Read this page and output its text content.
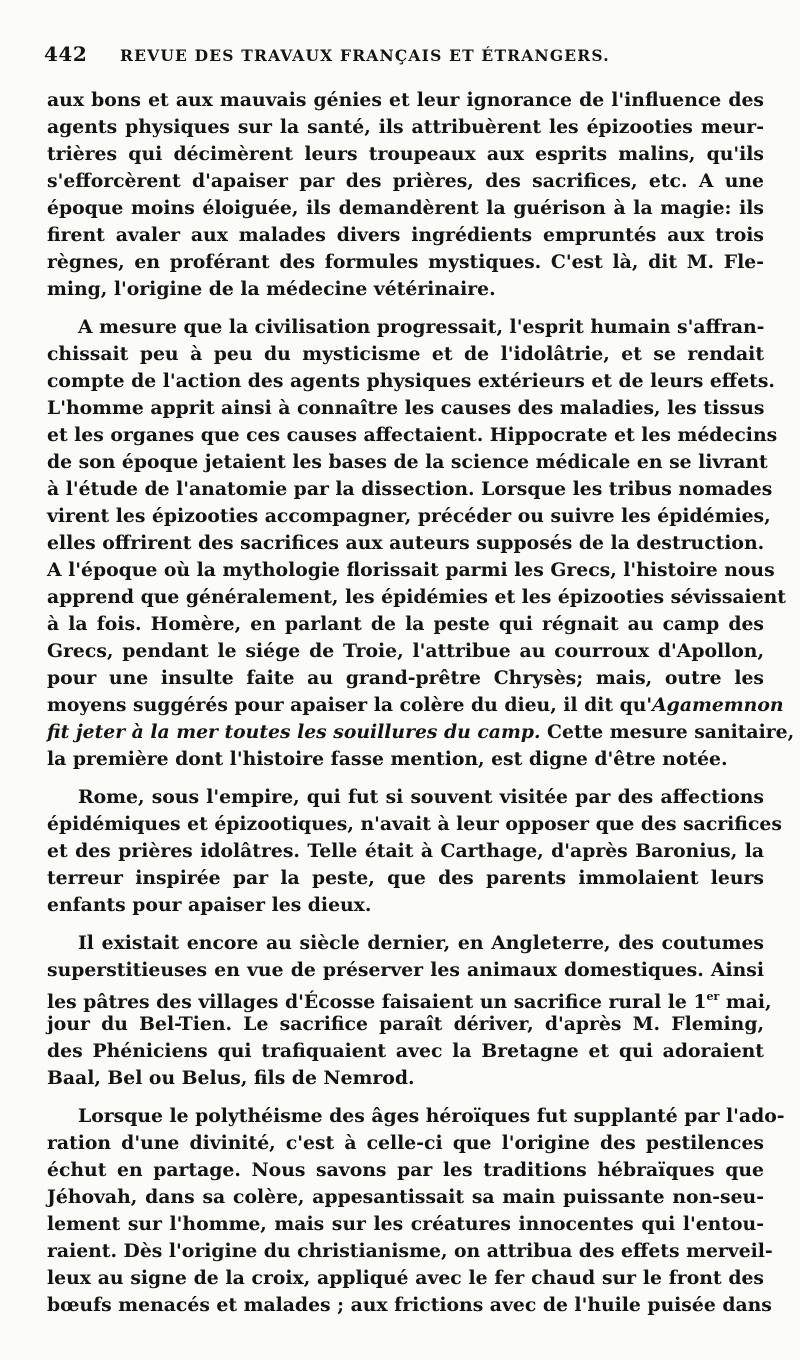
442 REVUE DES TRAVAUX FRANÇAIS ET ÉTRANGERS.
aux bons et aux mauvais génies et leur ignorance de l'influence des
agents physiques sur la santé, ils attribuèrent les épizooties meur-
trières qui décimèrent leurs troupeaux aux esprits malins, qu'ils
s'efforcèrent d'apaiser par des prières, des sacrifices, etc. A une
époque moins éloiguée, ils demandèrent la guérison à la magie: ils
firent avaler aux malades divers ingrédients empruntés aux trois
règnes, en proférant des formules mystiques. C'est là, dit M. Fle-
ming, l'origine de la médecine vétérinaire.
A mesure que la civilisation progressait, l'esprit humain s'affran-
chissait peu à peu du mysticisme et de l'idolâtrie, et se rendait
compte de l'action des agents physiques extérieurs et de leurs effets.
L'homme apprit ainsi à connaître les causes des maladies, les tissus
et les organes que ces causes affectaient. Hippocrate et les médecins
de son époque jetaient les bases de la science médicale en se livrant
à l'étude de l'anatomie par la dissection. Lorsque les tribus nomades
virent les épizooties accompagner, précéder ou suivre les épidémies,
elles offrirent des sacrifices aux auteurs supposés de la destruction.
A l'époque où la mythologie florissait parmi les Grecs, l'histoire nous
apprend que généralement, les épidémies et les épizooties sévissaient
à la fois. Homère, en parlant de la peste qui régnait au camp des
Grecs, pendant le siége de Troie, l'attribue au courroux d'Apollon,
pour une insulte faite au grand-prêtre Chrysès; mais, outre les
moyens suggérés pour apaiser la colère du dieu, il dit qu'Agamemnon
fit jeter à la mer toutes les souillures du camp. Cette mesure sanitaire,
la première dont l'histoire fasse mention, est digne d'être notée.
Rome, sous l'empire, qui fut si souvent visitée par des affections
épidémiques et épizootiques, n'avait à leur opposer que des sacrifices
et des prières idolâtres. Telle était à Carthage, d'après Baronius, la
terreur inspirée par la peste, que des parents immolaient leurs
enfants pour apaiser les dieux.
Il existait encore au siècle dernier, en Angleterre, des coutumes
superstitieuses en vue de préserver les animaux domestiques. Ainsi
les pâtres des villages d'Écosse faisaient un sacrifice rural le 1er mai,
jour du Bel-Tien. Le sacrifice paraît dériver, d'après M. Fleming,
des Phéniciens qui trafiquaient avec la Bretagne et qui adoraient
Baal, Bel ou Belus, fils de Nemrod.
Lorsque le polythéisme des âges héroïques fut supplanté par l'ado-
ration d'une divinité, c'est à celle-ci que l'origine des pestilences
échut en partage. Nous savons par les traditions hébraïques que
Jéhovah, dans sa colère, appesantissait sa main puissante non-seu-
lement sur l'homme, mais sur les créatures innocentes qui l'entou-
raient. Dès l'origine du christianisme, on attribua des effets merveil-
leux au signe de la croix, appliqué avec le fer chaud sur le front des
bœufs menacés et malades ; aux frictions avec de l'huile puisée dans
